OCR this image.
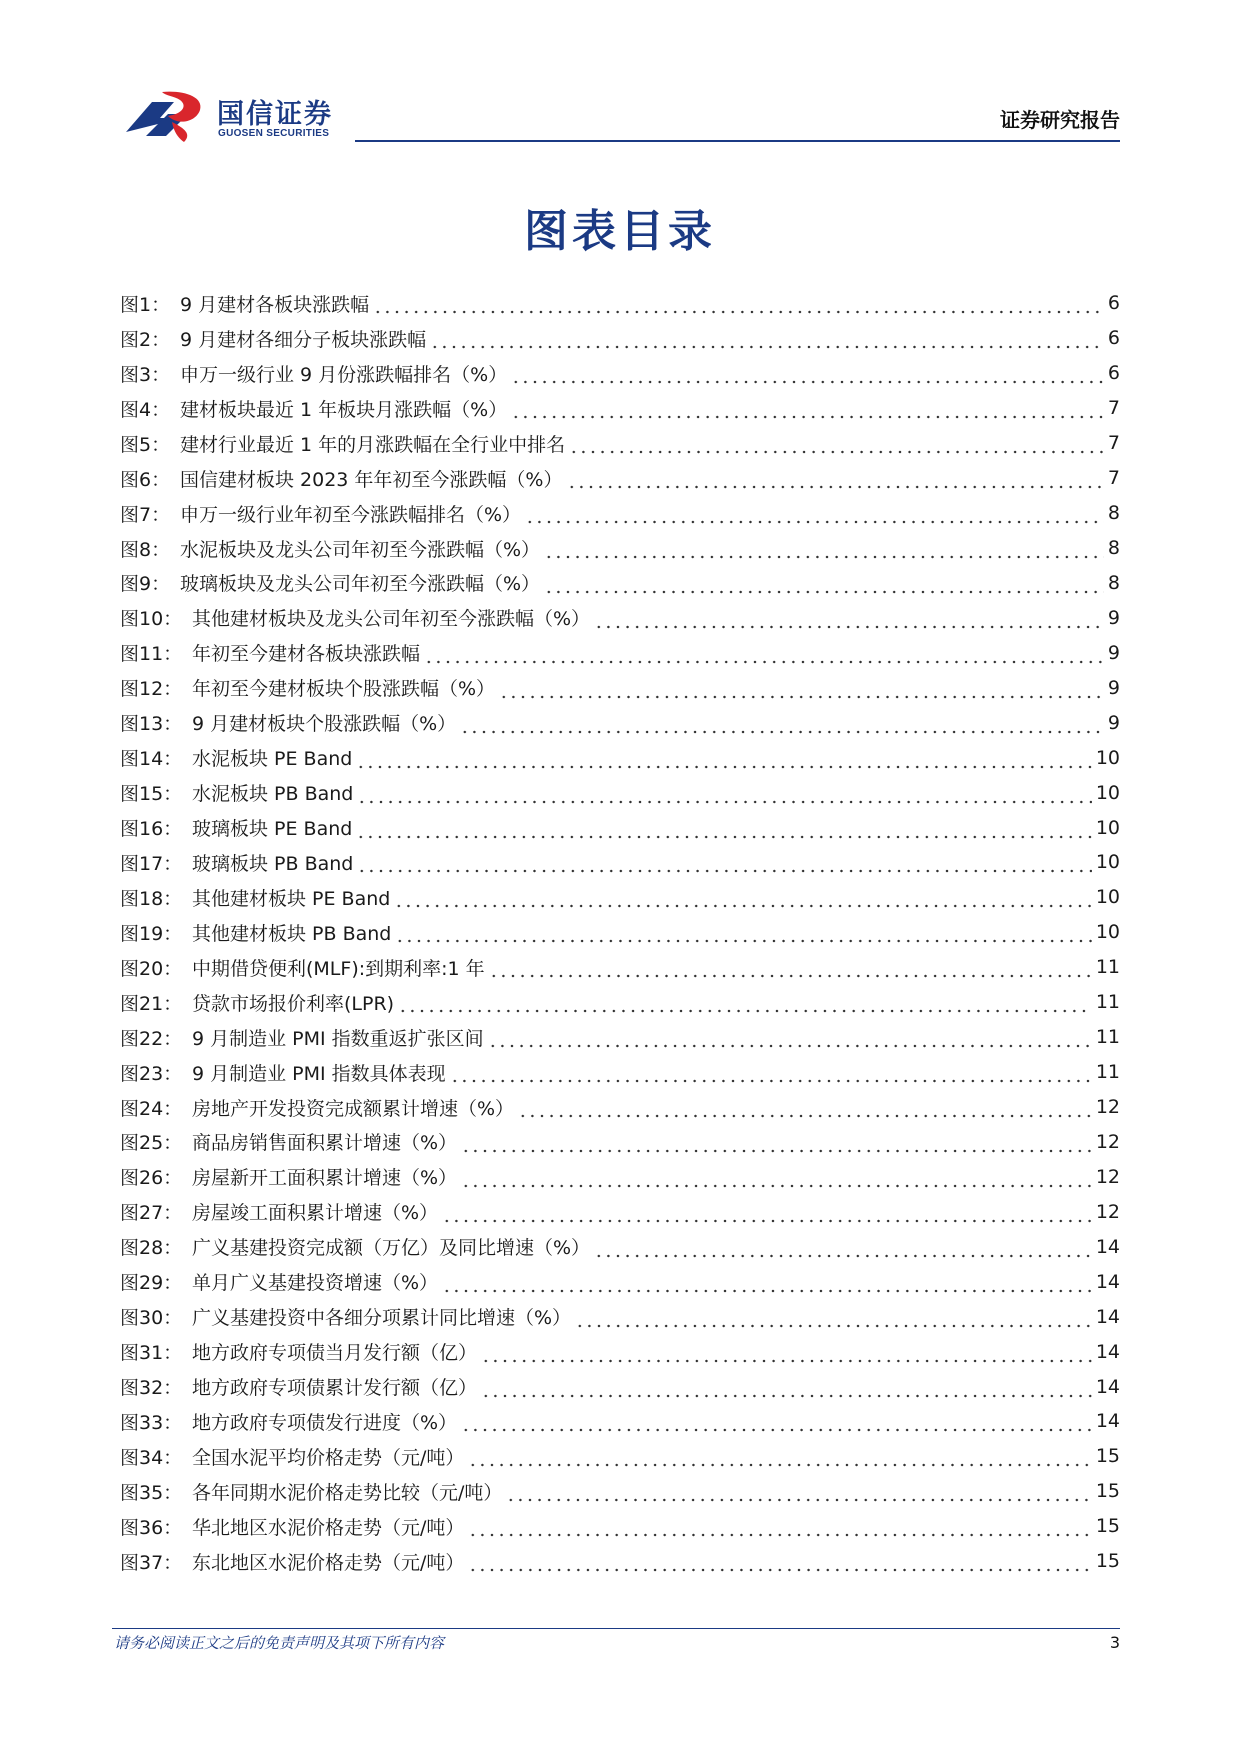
国信证券
GUOSEN SECURITIES
证券研究报告
图表目录
图1： 9 月建材各板块涨跌幅	6
图2： 9 月建材各细分子板块涨跌幅	6
图3： 申万一级行业 9 月份涨跌幅排名（%）	6
图4： 建材板块最近 1 年板块月涨跌幅（%）	7
图5： 建材行业最近 1 年的月涨跌幅在全行业中排名	7
图6： 国信建材板块 2023 年年初至今涨跌幅（%）	7
图7： 申万一级行业年初至今涨跌幅排名（%）	8
图8： 水泥板块及龙头公司年初至今涨跌幅（%）	8
图9： 玻璃板块及龙头公司年初至今涨跌幅（%）	8
图10： 其他建材板块及龙头公司年初至今涨跌幅（%）	9
图11： 年初至今建材各板块涨跌幅	9
图12： 年初至今建材板块个股涨跌幅（%）	9
图13： 9 月建材板块个股涨跌幅（%）	9
图14： 水泥板块 PE Band	10
图15： 水泥板块 PB Band	10
图16： 玻璃板块 PE Band	10
图17： 玻璃板块 PB Band	10
图18： 其他建材板块 PE Band	10
图19： 其他建材板块 PB Band	10
图20： 中期借贷便利(MLF):到期利率:1 年	11
图21： 贷款市场报价利率(LPR)	11
图22： 9 月制造业 PMI 指数重返扩张区间	11
图23： 9 月制造业 PMI 指数具体表现	11
图24： 房地产开发投资完成额累计增速（%）	12
图25： 商品房销售面积累计增速（%）	12
图26： 房屋新开工面积累计增速（%）	12
图27： 房屋竣工面积累计增速（%）	12
图28： 广义基建投资完成额（万亿）及同比增速（%）	14
图29： 单月广义基建投资增速（%）	14
图30： 广义基建投资中各细分项累计同比增速（%）	14
图31： 地方政府专项债当月发行额（亿）	14
图32： 地方政府专项债累计发行额（亿）	14
图33： 地方政府专项债发行进度（%）	14
图34： 全国水泥平均价格走势（元/吨）	15
图35： 各年同期水泥价格走势比较（元/吨）	15
图36： 华北地区水泥价格走势（元/吨）	15
图37： 东北地区水泥价格走势（元/吨）	15
请务必阅读正文之后的免责声明及其项下所有内容	3
